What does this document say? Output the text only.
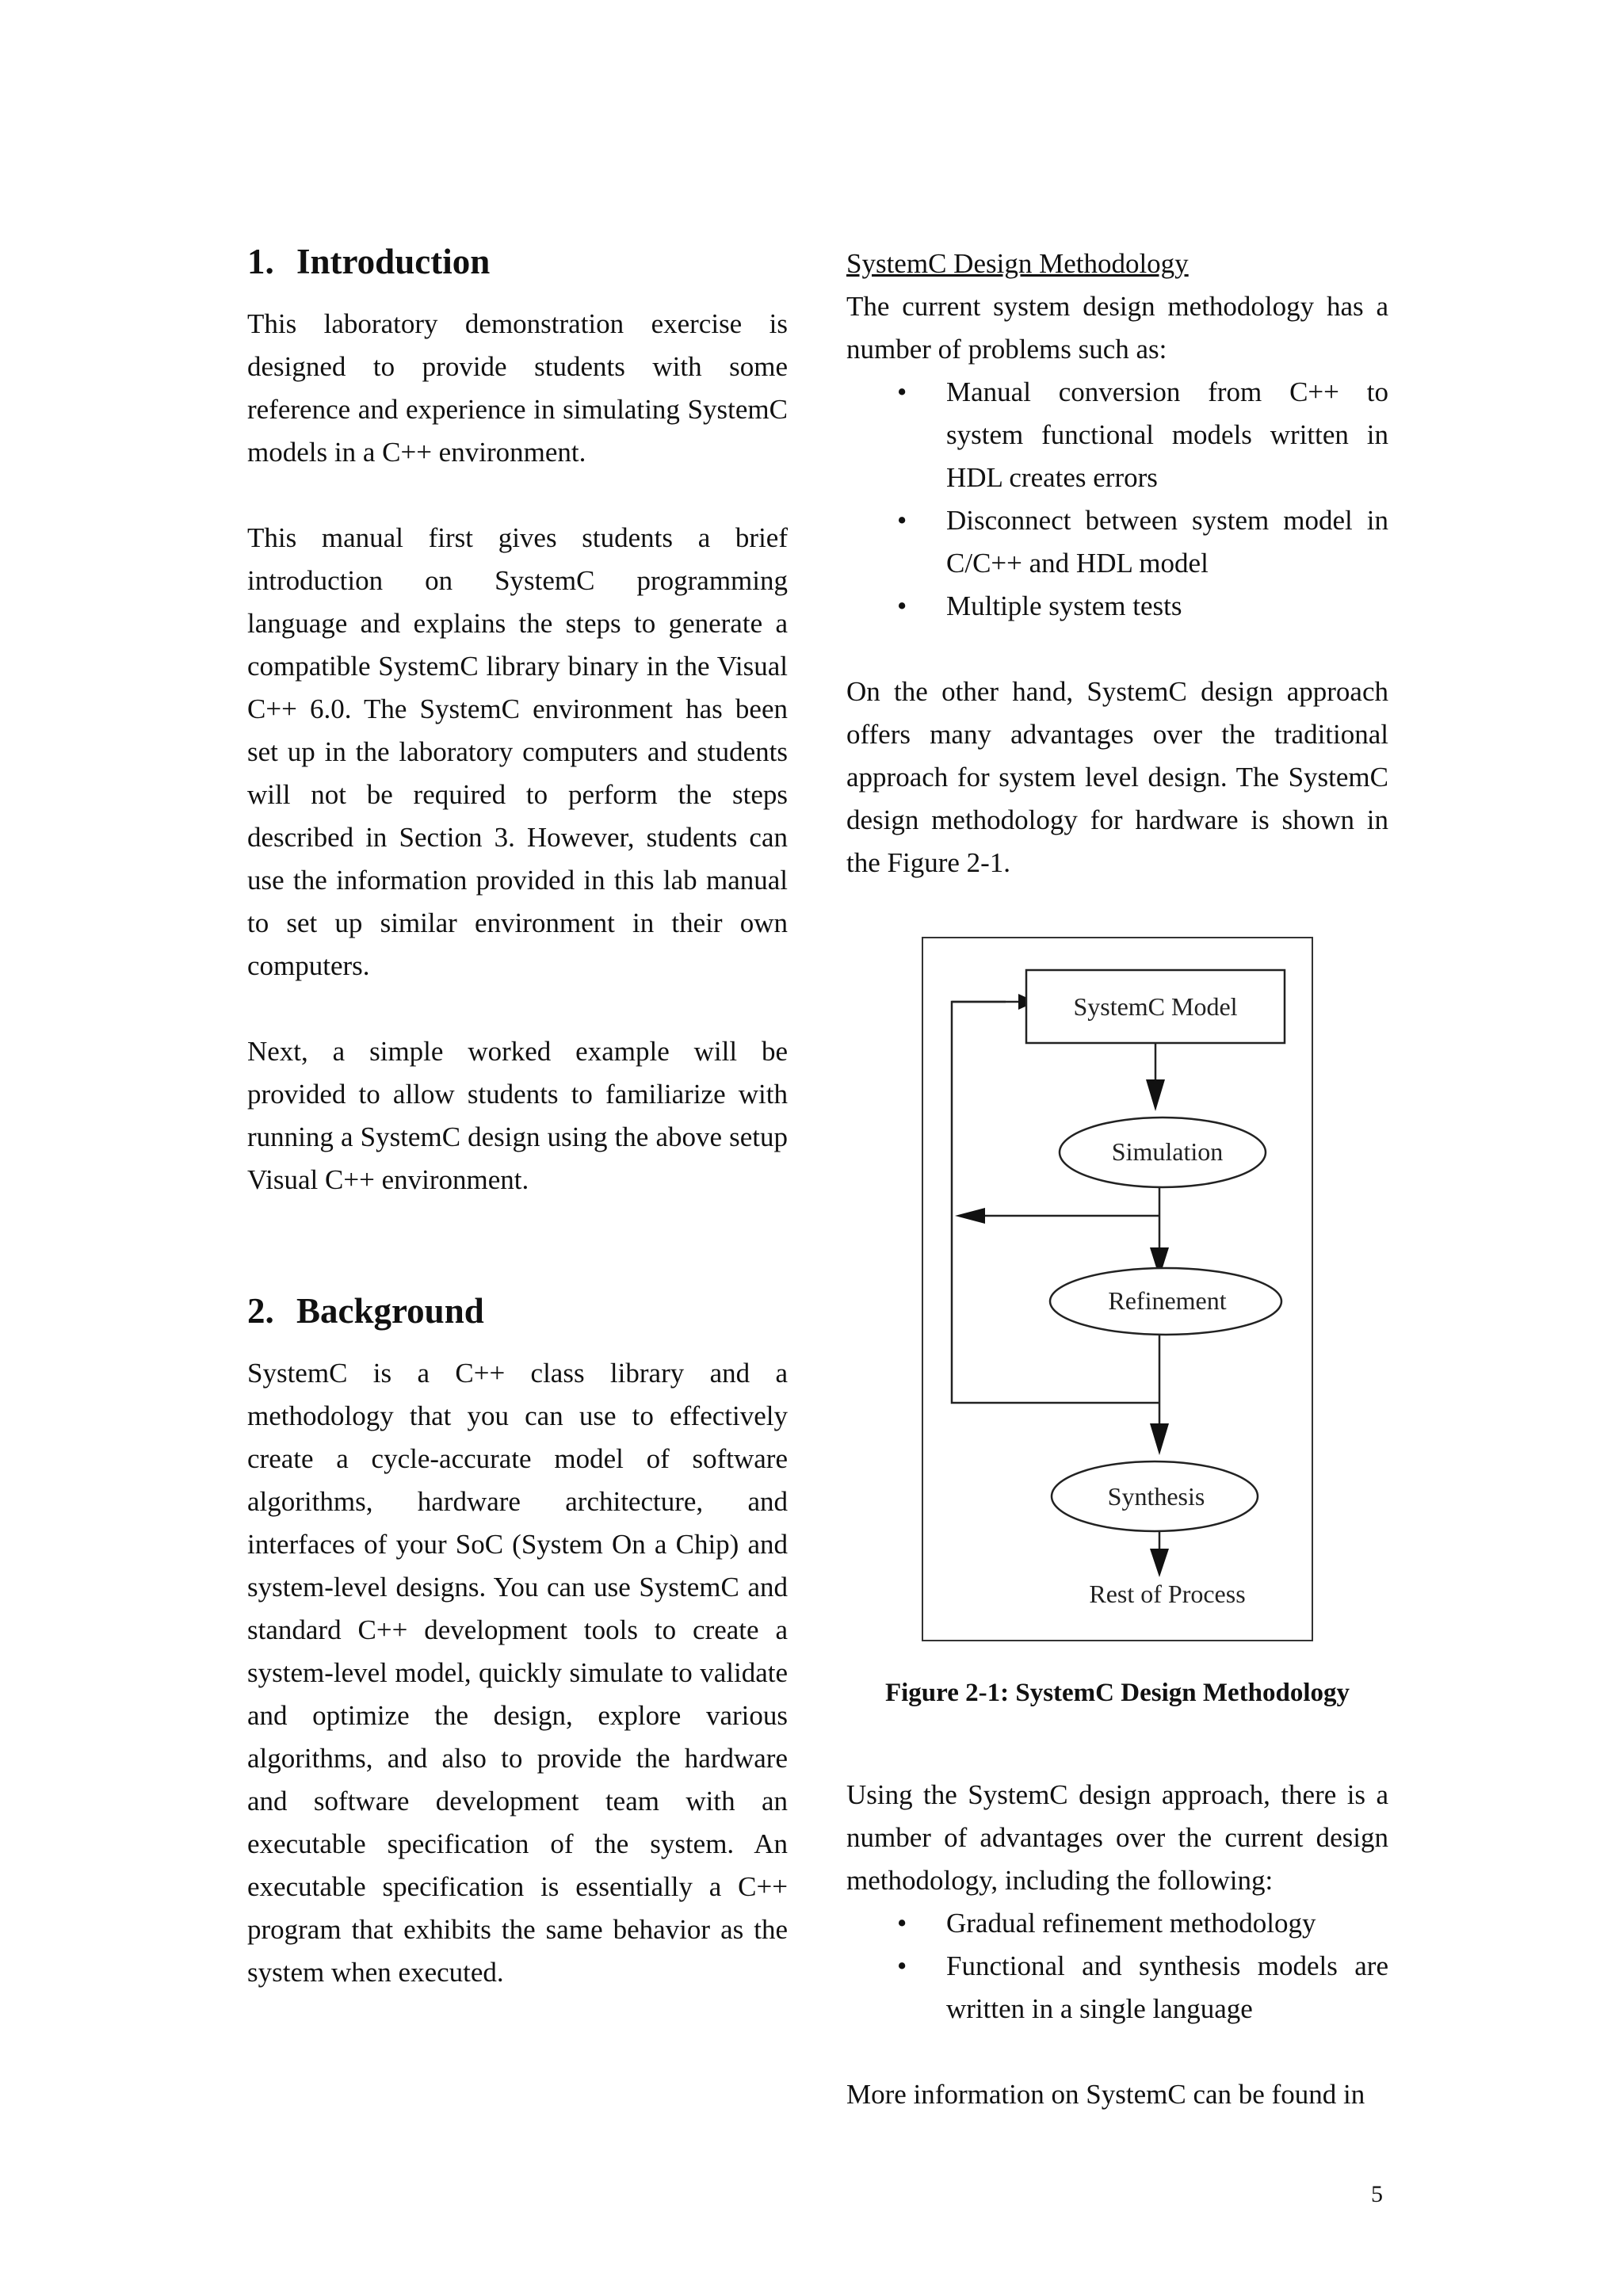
1. Introduction

This laboratory demonstration exercise is designed to provide students with some reference and experience in simulating SystemC models in a C++ environment.

This manual first gives students a brief introduction on SystemC programming language and explains the steps to generate a compatible SystemC library binary in the Visual C++ 6.0. The SystemC environment has been set up in the laboratory computers and students will not be required to perform the steps described in Section 3. However, students can use the information provided in this lab manual to set up similar environment in their own computers.

Next, a simple worked example will be provided to allow students to familiarize with running a SystemC design using the above setup Visual C++ environment.

2. Background

SystemC is a C++ class library and a methodology that you can use to effectively create a cycle-accurate model of software algorithms, hardware architecture, and interfaces of your SoC (System On a Chip) and system-level designs. You can use SystemC and standard C++ development tools to create a system-level model, quickly simulate to validate and optimize the design, explore various algorithms, and also to provide the hardware and software development team with an executable specification of the system. An executable specification is essentially a C++ program that exhibits the same behavior as the system when executed.

SystemC Design Methodology

The current system design methodology has a number of problems such as:

• Manual conversion from C++ to system functional models written in HDL creates errors
• Disconnect between system model in C/C++ and HDL model
• Multiple system tests

On the other hand, SystemC design approach offers many advantages over the traditional approach for system level design. The SystemC design methodology for hardware is shown in the Figure 2-1.

SystemC Model
Simulation
Refinement
Synthesis
Rest of Process
Figure 2-1: SystemC Design Methodology

Using the SystemC design approach, there is a number of advantages over the current design methodology, including the following:

• Gradual refinement methodology
• Functional and synthesis models are written in a single language

More information on SystemC can be found in

5
